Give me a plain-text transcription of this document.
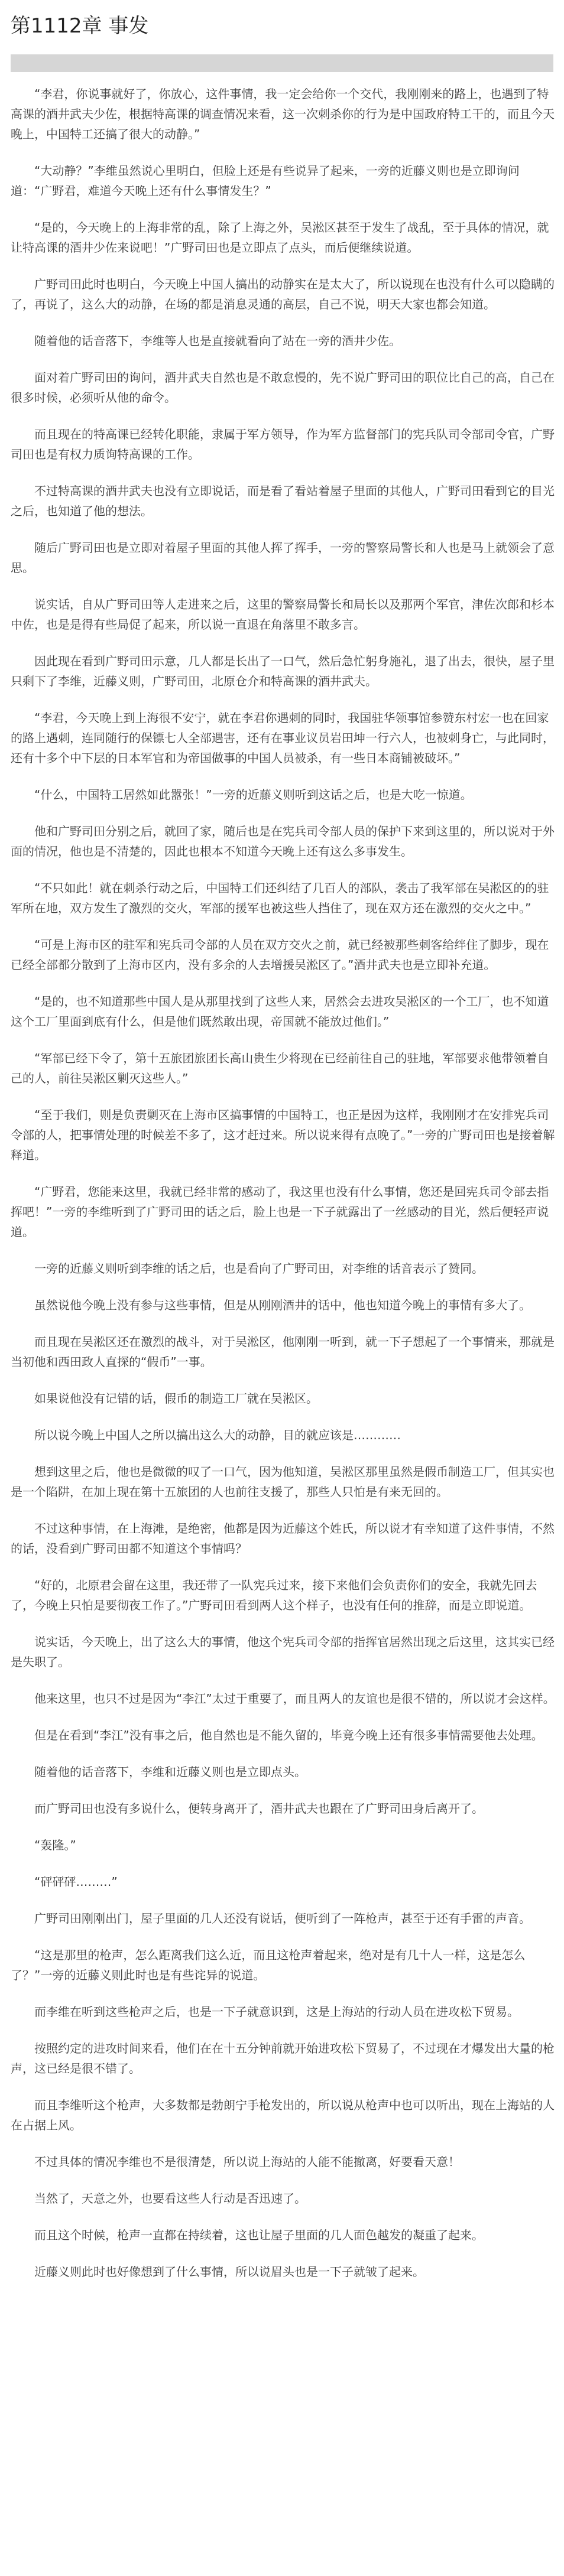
第1112章 事发

“李君，你说事就好了，你放心，这件事情，我一定会给你一个交代，我刚刚来的路上，也遇到了特高课的酒井武夫少佐，根据特高课的调查情况来看，这一次刺杀你的行为是中国政府特工干的，而且今天晚上，中国特工还搞了很大的动静。”

“大动静？”李维虽然说心里明白，但脸上还是有些说异了起来，一旁的近藤义则也是立即询问道：“广野君，难道今天晚上还有什么事情发生？”

“是的，今天晚上的上海非常的乱，除了上海之外，吴淞区甚至于发生了战乱，至于具体的情况，就让特高课的酒井少佐来说吧！”广野司田也是立即点了点头，而后便继续说道。

广野司田此时也明白，今天晚上中国人搞出的动静实在是太大了，所以说现在也没有什么可以隐瞒的了，再说了，这么大的动静，在场的都是消息灵通的高层，自己不说，明天大家也都会知道。

随着他的话音落下，李维等人也是直接就看向了站在一旁的酒井少佐。

面对着广野司田的询问，酒井武夫自然也是不敢怠慢的，先不说广野司田的职位比自己的高，自己在很多时候，必须听从他的命令。

而且现在的特高课已经转化职能，隶属于军方领导，作为军方监督部门的宪兵队司令部司令官，广野司田也是有权力质询特高课的工作。

不过特高课的酒井武夫也没有立即说话，而是看了看站着屋子里面的其他人，广野司田看到它的目光之后，也知道了他的想法。

随后广野司田也是立即对着屋子里面的其他人挥了挥手，一旁的警察局警长和人也是马上就领会了意思。

说实话，自从广野司田等人走进来之后，这里的警察局警长和局长以及那两个军官，津佐次郎和杉本中佐，也是是得有些局促了起来，所以说一直退在角落里不敢多言。

因此现在看到广野司田示意，几人都是长出了一口气，然后急忙躬身施礼，退了出去，很快，屋子里只剩下了李维，近藤义则，广野司田，北原仓介和特高课的酒井武夫。

“李君，今天晚上到上海很不安宁，就在李君你遇刺的同时，我国驻华领事馆参赞东村宏一也在回家的路上遇刺，连同随行的保镖七人全部遇害，还有在事业议员岩田坤一行六人，也被刺身亡，与此同时，还有十多个中下层的日本军官和为帝国做事的中国人员被杀，有一些日本商铺被破坏。”

“什么，中国特工居然如此嚣张！”一旁的近藤义则听到这话之后，也是大吃一惊道。

他和广野司田分别之后，就回了家，随后也是在宪兵司令部人员的保护下来到这里的，所以说对于外面的情况，他也是不清楚的，因此也根本不知道今天晚上还有这么多事发生。

“不只如此！就在刺杀行动之后，中国特工们还纠结了几百人的部队，袭击了我军部在吴淞区的的驻军所在地，双方发生了激烈的交火，军部的援军也被这些人挡住了，现在双方还在激烈的交火之中。”

“可是上海市区的驻军和宪兵司令部的人员在双方交火之前，就已经被那些刺客给绊住了脚步，现在已经全部都分散到了上海市区内，没有多余的人去增援吴淞区了。”酒井武夫也是立即补充道。

“是的，也不知道那些中国人是从那里找到了这些人来，居然会去进攻吴淞区的一个工厂，也不知道这个工厂里面到底有什么，但是他们既然敢出现，帝国就不能放过他们。”

“军部已经下令了，第十五旅团旅团长高山贵生少将现在已经前往自己的驻地，军部要求他带领着自己的人，前往吴淞区剿灭这些人。”

“至于我们，则是负责剿灭在上海市区搞事情的中国特工，也正是因为这样，我刚刚才在安排宪兵司令部的人，把事情处理的时候差不多了，这才赶过来。所以说来得有点晚了。”一旁的广野司田也是接着解释道。

“广野君，您能来这里，我就已经非常的感动了，我这里也没有什么事情，您还是回宪兵司令部去指挥吧！”一旁的李维听到了广野司田的话之后，脸上也是一下子就露出了一丝感动的目光，然后便轻声说道。

一旁的近藤义则听到李维的话之后，也是看向了广野司田，对李维的话音表示了赞同。

虽然说他今晚上没有参与这些事情，但是从刚刚酒井的话中，他也知道今晚上的事情有多大了。

而且现在吴淞区还在激烈的战斗，对于吴淞区，他刚刚一听到，就一下子想起了一个事情来，那就是当初他和西田政人直探的“假币”一事。

如果说他没有记错的话，假币的制造工厂就在吴淞区。

所以说今晚上中国人之所以搞出这么大的动静，目的就应该是…………

想到这里之后，他也是微微的叹了一口气，因为他知道，吴淞区那里虽然是假币制造工厂，但其实也是一个陷阱，在加上现在第十五旅团的人也前往支援了，那些人只怕是有来无回的。

不过这种事情，在上海滩，是绝密，他都是因为近藤这个姓氏，所以说才有幸知道了这件事情，不然的话，没看到广野司田都不知道这个事情吗？

“好的，北原君会留在这里，我还带了一队宪兵过来，接下来他们会负责你们的安全，我就先回去了，今晚上只怕是要彻夜工作了。”广野司田看到两人这个样子，也没有任何的推辞，而是立即说道。

说实话，今天晚上，出了这么大的事情，他这个宪兵司令部的指挥官居然出现之后这里，这其实已经是失职了。

他来这里，也只不过是因为“李江”太过于重要了，而且两人的友谊也是很不错的，所以说才会这样。

但是在看到“李江”没有事之后，他自然也是不能久留的，毕竟今晚上还有很多事情需要他去处理。

随着他的话音落下，李维和近藤义则也是立即点头。

而广野司田也没有多说什么，便转身离开了，酒井武夫也跟在了广野司田身后离开了。

“轰隆。”

“砰砰砰………”

广野司田刚刚出门，屋子里面的几人还没有说话，便听到了一阵枪声，甚至于还有手雷的声音。

“这是那里的枪声，怎么距离我们这么近，而且这枪声着起来，绝对是有几十人一样，这是怎么了？”一旁的近藤义则此时也是有些诧异的说道。

而李维在听到这些枪声之后，也是一下子就意识到，这是上海站的行动人员在进攻松下贸易。

按照约定的进攻时间来看，他们在在十五分钟前就开始进攻松下贸易了，不过现在才爆发出大量的枪声，这已经是很不错了。

而且李维听这个枪声，大多数都是勃朗宁手枪发出的，所以说从枪声中也可以听出，现在上海站的人在占据上风。

不过具体的情况李维也不是很清楚，所以说上海站的人能不能撤离，好要看天意！

当然了，天意之外，也要看这些人行动是否迅速了。

而且这个时候，枪声一直都在持续着，这也让屋子里面的几人面色越发的凝重了起来。

近藤义则此时也好像想到了什么事情，所以说眉头也是一下子就皱了起来。
